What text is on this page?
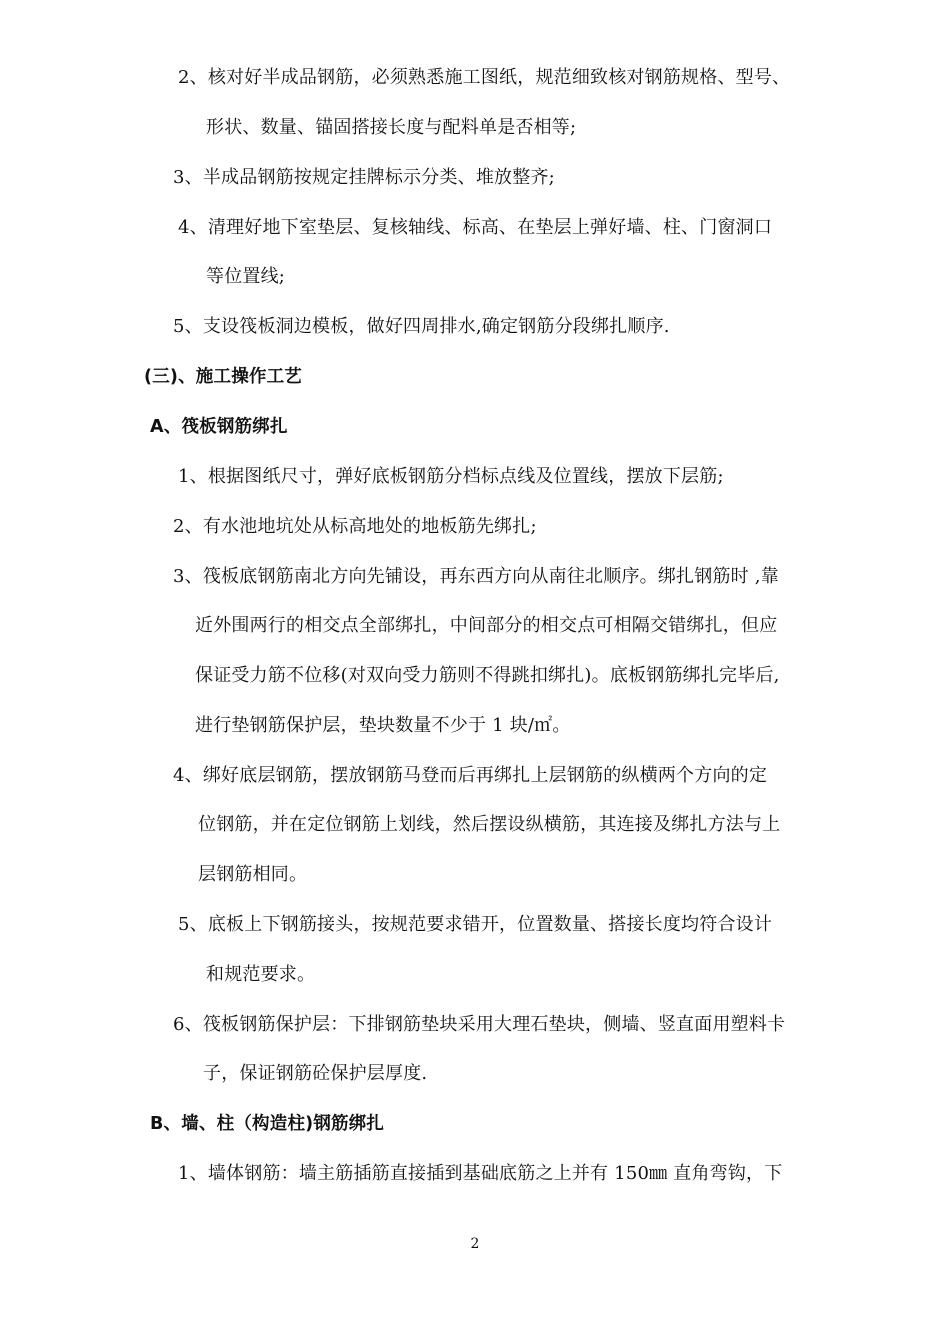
2、核对好半成品钢筋，必须熟悉施工图纸，规范细致核对钢筋规格、型号、
形状、数量、锚固搭接长度与配料单是否相等;
3、半成品钢筋按规定挂牌标示分类、堆放整齐;
4、清理好地下室垫层、复核轴线、标高、在垫层上弹好墙、柱、门窗洞口
等位置线;
5、支设筏板洞边模板，做好四周排水,确定钢筋分段绑扎顺序.
(三)、施工操作工艺
A、筏板钢筋绑扎
1、根据图纸尺寸，弹好底板钢筋分档标点线及位置线，摆放下层筋;
2、有水池地坑处从标高地处的地板筋先绑扎;
3、筏板底钢筋南北方向先铺设，再东西方向从南往北顺序。绑扎钢筋时 ,靠
近外围两行的相交点全部绑扎，中间部分的相交点可相隔交错绑扎，但应
保证受力筋不位移(对双向受力筋则不得跳扣绑扎)。底板钢筋绑扎完毕后,
进行垫钢筋保护层，垫块数量不少于 1 块/㎡。
4、绑好底层钢筋，摆放钢筋马登而后再绑扎上层钢筋的纵横两个方向的定
位钢筋，并在定位钢筋上划线，然后摆设纵横筋，其连接及绑扎方法与上
层钢筋相同。
5、底板上下钢筋接头，按规范要求错开，位置数量、搭接长度均符合设计
和规范要求。
6、筏板钢筋保护层：下排钢筋垫块采用大理石垫块，侧墙、竖直面用塑料卡
子，保证钢筋砼保护层厚度.
B、墙、柱（构造柱)钢筋绑扎
1、墙体钢筋：墙主筋插筋直接插到基础底筋之上并有 150㎜ 直角弯钩，下
2
